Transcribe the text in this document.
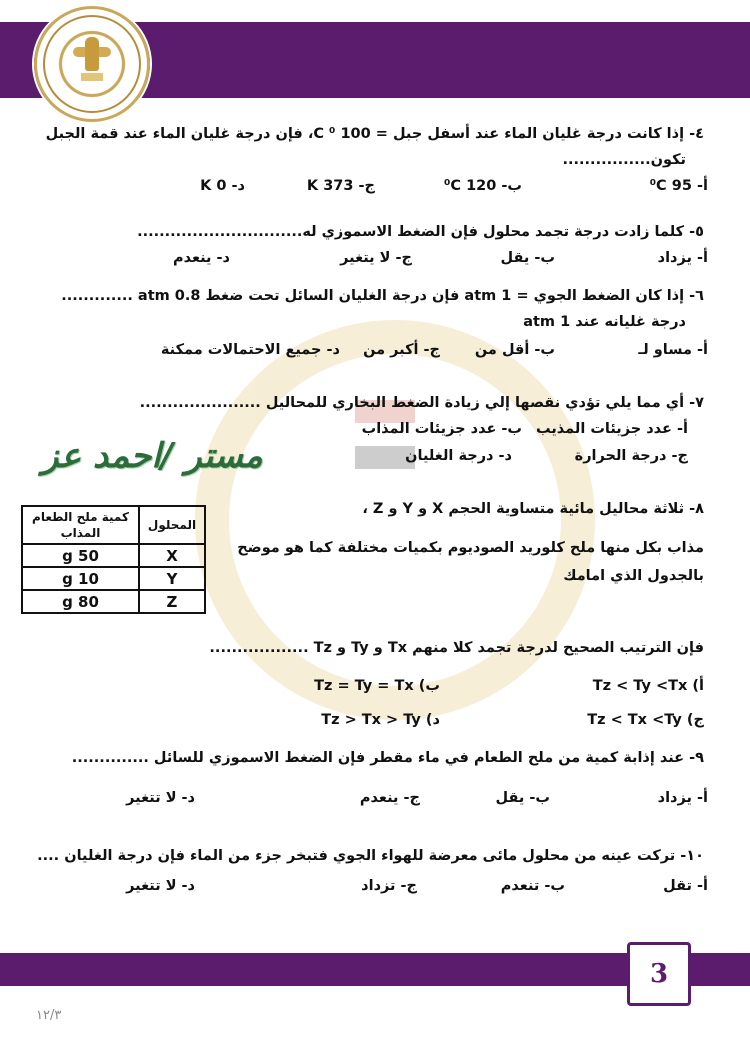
٤- إذا كانت درجة غليان الماء عند أسفل جبل = C ⁰ 100، فإن درجة غليان الماء عند قمة الجبل
تكون................
أ- 95 ⁰C
ب- 120 ⁰C
ج- 373 K
د- 0 K
٥- كلما زادت درجة تجمد محلول فإن الضغط الاسموزي له..............................
أ- يزداد
ب- يقل
ج- لا يتغير
د- ينعدم
٦- إذا كان الضغط الجوي = 1 atm فإن درجة الغليان السائل تحت ضغط 0.8 atm .............
درجة غليانه عند 1 atm
أ- مساو لـ
ب- أقل من
ج- أكبر من
د- جميع الاحتمالات ممكنة
٧- أي مما يلي تؤدي نقصها إلي زيادة الضغط البخاري للمحاليل ......................
أ- عدد جزيئات المذيب
ب- عدد جزيئات المذاب
ج- درجة الحرارة
د- درجة الغليان
مستر /احمد عز
٨- ثلاثة محاليل مائية متساوية الحجم X و Y و Z ،
مذاب بكل منها ملح كلوريد الصوديوم بكميات مختلفة كما هو موضح
بالجدول الذي امامك
المحلول	كمية ملح الطعام المذاب
X	50 g
Y	10 g
Z	80 g
فإن الترتيب الصحيح لدرجة تجمد كلا منهم Tx و Ty و Tz ..................
أ) Tz < Ty <Tx
ب) Tz = Ty = Tx
ج) Tz < Tx <Ty
د) Tz > Tx > Ty
٩- عند إذابة كمية من ملح الطعام في ماء مقطر فإن الضغط الاسموزي للسائل ..............
أ- يزداد
ب- يقل
ج- ينعدم
د- لا تتغير
١٠- تركت عينه من محلول مائى معرضة للهواء الجوي فتبخر جزء من الماء فإن درجة الغليان ....
أ- تقل
ب- تنعدم
ج- تزداد
د- لا تتغير
3
١٢/٣
